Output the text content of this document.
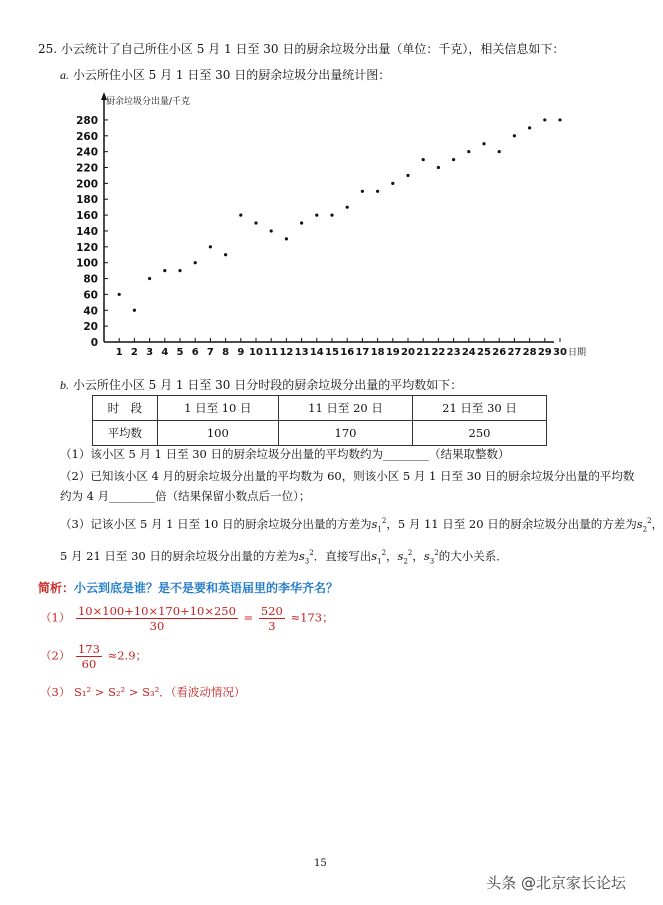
25. 小云统计了自己所住小区 5 月 1 日至 30 日的厨余垃圾分出量（单位：千克），相关信息如下：
a. 小云所住小区 5 月 1 日至 30 日的厨余垃圾分出量统计图：
厨余垃圾分出量/千克
0
20
40
60
80
100
120
140
160
180
200
220
240
260
280
1 2 3 4 5 6 7 8 9 10 11 12 13 14 15 16 17 18 19 20 21 22 23 24 25 26 27 28 29 30 日期
b. 小云所住小区 5 月 1 日至 30 日分时段的厨余垃圾分出量的平均数如下：
时　段	1 日至 10 日	11 日至 20 日	21 日至 30 日
平均数	100	170	250
（1）该小区 5 月 1 日至 30 日的厨余垃圾分出量的平均数约为________（结果取整数）
（2）已知该小区 4 月的厨余垃圾分出量的平均数为 60，则该小区 5 月 1 日至 30 日的厨余垃圾分出量的平均数
约为 4 月________倍（结果保留小数点后一位）；
（3）记该小区 5 月 1 日至 10 日的厨余垃圾分出量的方差为$s_1^2$，5 月 11 日至 20 日的厨余垃圾分出量的方差为$s_2^2$，
5 月 21 日至 30 日的厨余垃圾分出量的方差为$s_3^2$．直接写出$s_1^2$，$s_2^2$，$s_3^2$的大小关系．
简析：小云到底是谁？是不是要和英语届里的李华齐名？
$(1) \frac{10\times 100+10\times 170+10\times 250}{30} = \frac{520}{3} \approx 173$；
$(2) \frac{173}{60} \approx 2.9$；
（3） S₁² > S₂² > S₃²．（看波动情况）
15
头条 @北京家长论坛
